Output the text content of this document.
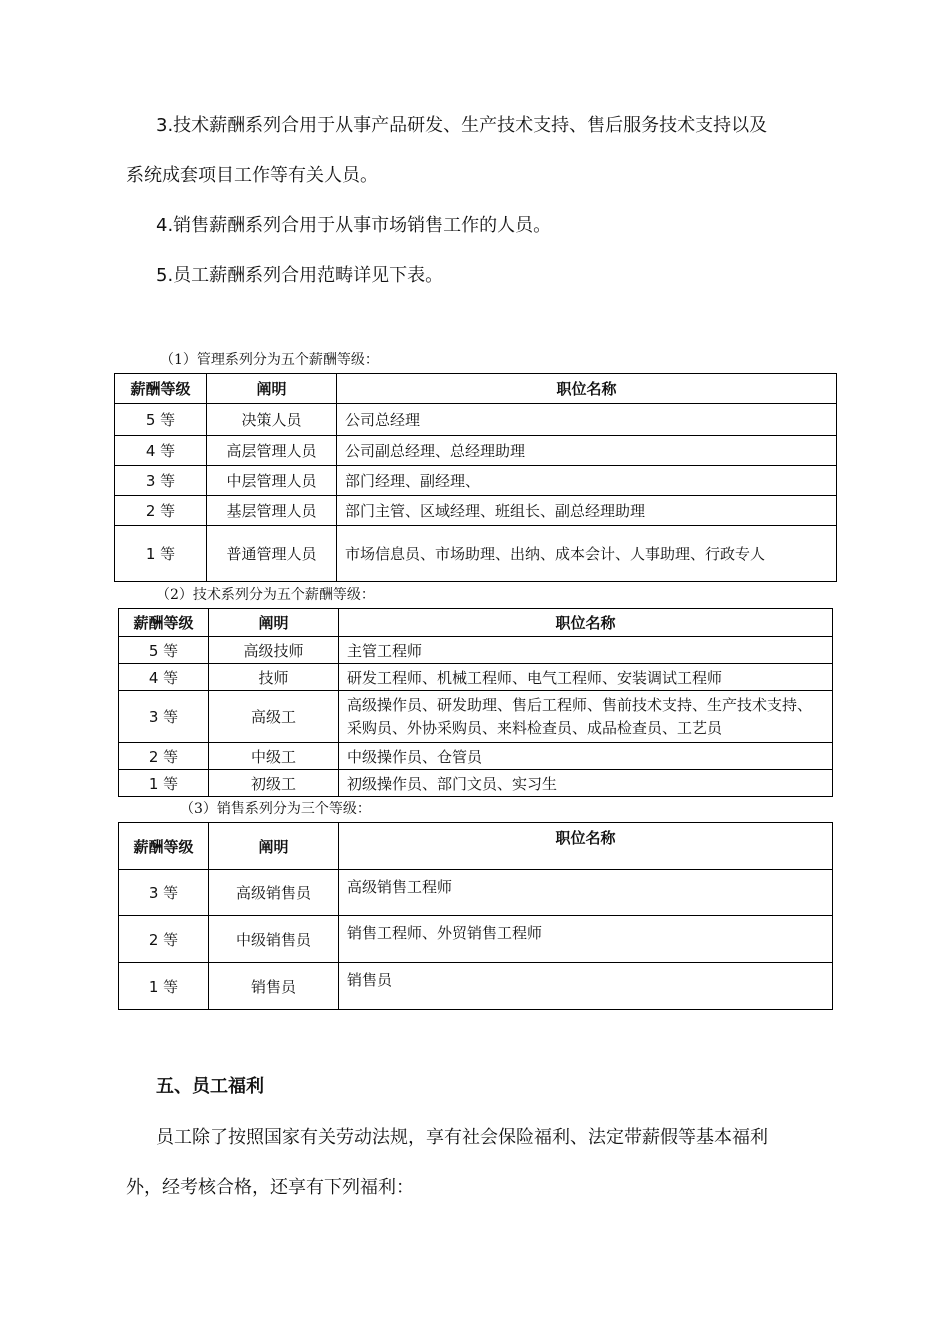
3.技术薪酬系列合用于从事产品研发、生产技术支持、售后服务技术支持以及

系统成套项目工作等有关人员。

4.销售薪酬系列合用于从事市场销售工作的人员。

5.员工薪酬系列合用范畴详见下表。

（1）管理系列分为五个薪酬等级：

薪酬等级	阐明	职位名称
5 等	决策人员	公司总经理
4 等	高层管理人员	公司副总经理、总经理助理
3 等	中层管理人员	部门经理、副经理、
2 等	基层管理人员	部门主管、区域经理、班组长、副总经理助理
1 等	普通管理人员	市场信息员、市场助理、出纳、成本会计、人事助理、行政专人

（2）技术系列分为五个薪酬等级：

薪酬等级	阐明	职位名称
5 等	高级技师	主管工程师
4 等	技师	研发工程师、机械工程师、电气工程师、安装调试工程师
3 等	高级工	高级操作员、研发助理、售后工程师、售前技术支持、生产技术支持、采购员、外协采购员、来料检查员、成品检查员、工艺员
2 等	中级工	中级操作员、仓管员
1 等	初级工	初级操作员、部门文员、实习生

（3）销售系列分为三个等级：

薪酬等级	阐明	职位名称
3 等	高级销售员	高级销售工程师
2 等	中级销售员	销售工程师、外贸销售工程师
1 等	销售员	销售员

五、员工福利

员工除了按照国家有关劳动法规，享有社会保险福利、法定带薪假等基本福利

外，经考核合格，还享有下列福利：
